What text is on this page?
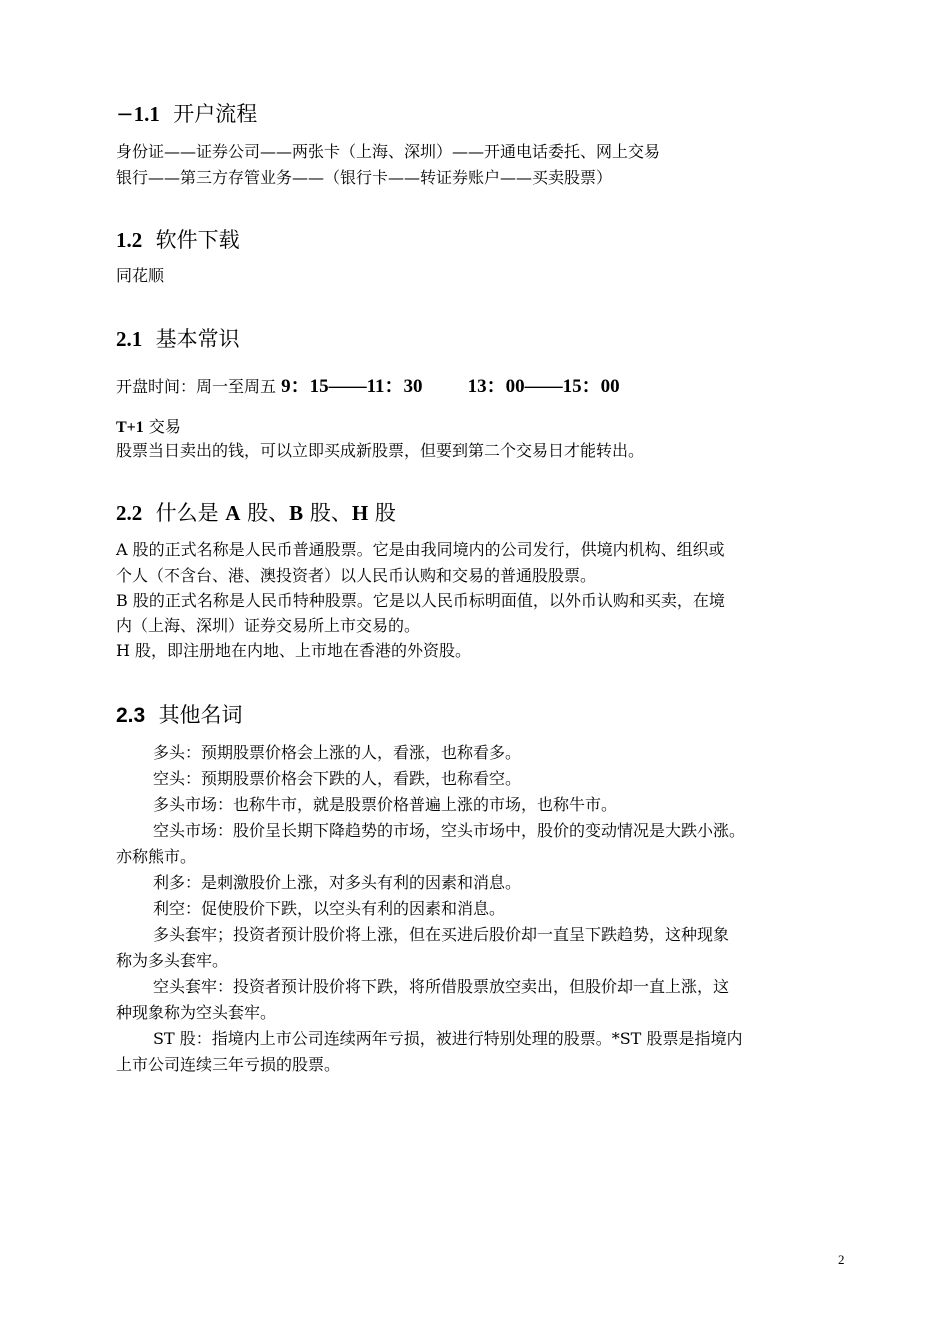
−1.1 开户流程
身份证——证券公司——两张卡（上海、深圳）——开通电话委托、网上交易
银行——第三方存管业务——（银行卡——转证券账户——买卖股票）
1.2 软件下载
同花顺
2.1 基本常识
开盘时间：周一至周五 9：15——11：30 13：00——15：00
T+1 交易
股票当日卖出的钱，可以立即买成新股票，但要到第二个交易日才能转出。
2.2 什么是 A 股、B 股、H 股
A 股的正式名称是人民币普通股票。它是由我同境内的公司发行，供境内机构、组织或
个人（不含台、港、澳投资者）以人民币认购和交易的普通股股票。
B 股的正式名称是人民币特种股票。它是以人民币标明面值，以外币认购和买卖，在境
内（上海、深圳）证券交易所上市交易的。
H 股，即注册地在内地、上市地在香港的外资股。
2.3 其他名词
多头：预期股票价格会上涨的人，看涨，也称看多。
空头：预期股票价格会下跌的人，看跌，也称看空。
多头市场：也称牛市，就是股票价格普遍上涨的市场，也称牛市。
空头市场：股价呈长期下降趋势的市场，空头市场中，股价的变动情况是大跌小涨。
亦称熊市。
利多：是刺激股价上涨，对多头有利的因素和消息。
利空：促使股价下跌，以空头有利的因素和消息。
多头套牢；投资者预计股价将上涨，但在买进后股价却一直呈下跌趋势，这种现象
称为多头套牢。
空头套牢：投资者预计股价将下跌，将所借股票放空卖出，但股价却一直上涨，这
种现象称为空头套牢。
ST 股：指境内上市公司连续两年亏损，被进行特别处理的股票。*ST 股票是指境内
上市公司连续三年亏损的股票。
2
